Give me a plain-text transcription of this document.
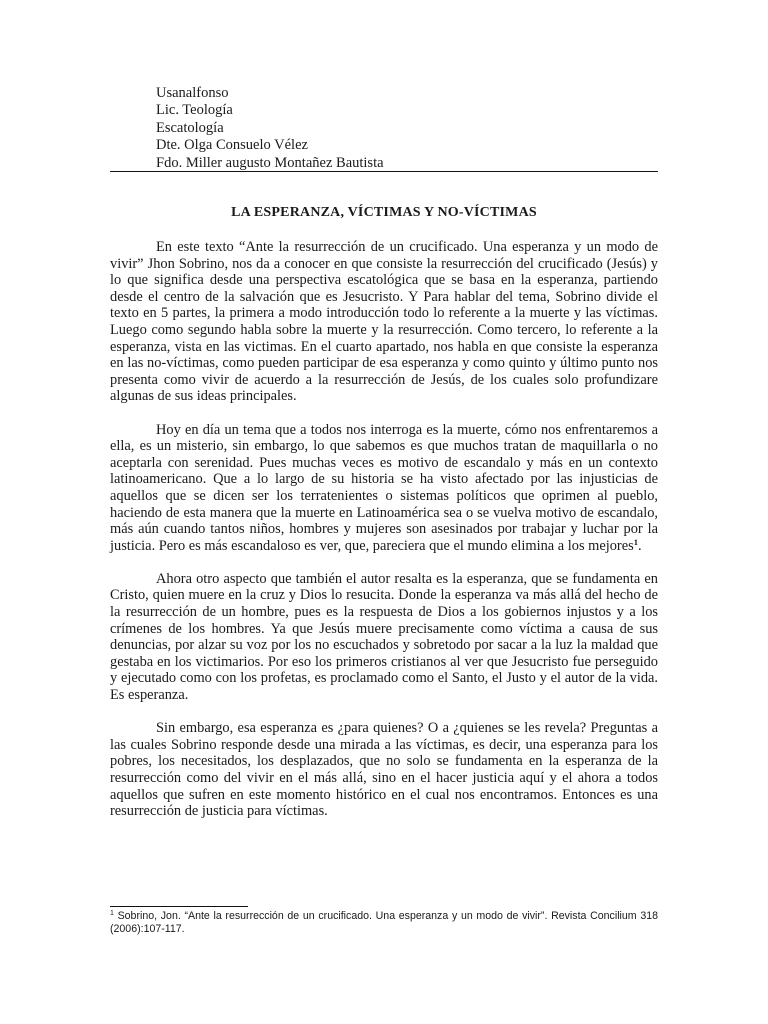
Usanalfonso
Lic. Teología
Escatología
Dte. Olga Consuelo Vélez
Fdo. Miller augusto Montañez Bautista
LA ESPERANZA, VÍCTIMAS Y NO-VÍCTIMAS

En este texto “Ante la resurrección de un crucificado. Una esperanza y un modo de vivir” Jhon Sobrino, nos da a conocer en que consiste la resurrección del crucificado (Jesús) y lo que significa desde una perspectiva escatológica que se basa en la esperanza, partiendo desde el centro de la salvación que es Jesucristo. Y Para hablar del tema, Sobrino divide el texto en 5 partes, la primera a modo introducción todo lo referente a la muerte y las víctimas. Luego como segundo habla sobre la muerte y la resurrección. Como tercero, lo referente a la esperanza, vista en las victimas. En el cuarto apartado, nos habla en que consiste la esperanza en las no-víctimas, como pueden participar de esa esperanza y como quinto y último punto nos presenta como vivir de acuerdo a la resurrección de Jesús, de los cuales solo profundizare algunas de sus ideas principales.

Hoy en día un tema que a todos nos interroga es la muerte, cómo nos enfrentaremos a ella, es un misterio, sin embargo, lo que sabemos es que muchos tratan de maquillarla o no aceptarla con serenidad. Pues muchas veces es motivo de escandalo y más en un contexto latinoamericano. Que a lo largo de su historia se ha visto afectado por las injusticias de aquellos que se dicen ser los terratenientes o sistemas políticos que oprimen al pueblo, haciendo de esta manera que la muerte en Latinoamérica sea o se vuelva motivo de escandalo, más aún cuando tantos niños, hombres y mujeres son asesinados por trabajar y luchar por la justicia. Pero es más escandaloso es ver, que, pareciera que el mundo elimina a los mejores$^1$.

Ahora otro aspecto que también el autor resalta es la esperanza, que se fundamenta en Cristo, quien muere en la cruz y Dios lo resucita. Donde la esperanza va más allá del hecho de la resurrección de un hombre, pues es la respuesta de Dios a los gobiernos injustos y a los crímenes de los hombres. Ya que Jesús muere precisamente como víctima a causa de sus denuncias, por alzar su voz por los no escuchados y sobretodo por sacar a la luz la maldad que gestaba en los victimarios. Por eso los primeros cristianos al ver que Jesucristo fue perseguido y ejecutado como con los profetas, es proclamado como el Santo, el Justo y el autor de la vida. Es esperanza.

Sin embargo, esa esperanza es ¿para quienes? O a ¿quienes se les revela? Preguntas a las cuales Sobrino responde desde una mirada a las víctimas, es decir, una esperanza para los pobres, los necesitados, los desplazados, que no solo se fundamenta en la esperanza de la resurrección como del vivir en el más allá, sino en el hacer justicia aquí y el ahora a todos aquellos que sufren en este momento histórico en el cual nos encontramos. Entonces es una resurrección de justicia para víctimas.

$^1$ Sobrino, Jon. “Ante la resurrección de un crucificado. Una esperanza y un modo de vivir”. Revista Concilium 318 (2006):107-117.
